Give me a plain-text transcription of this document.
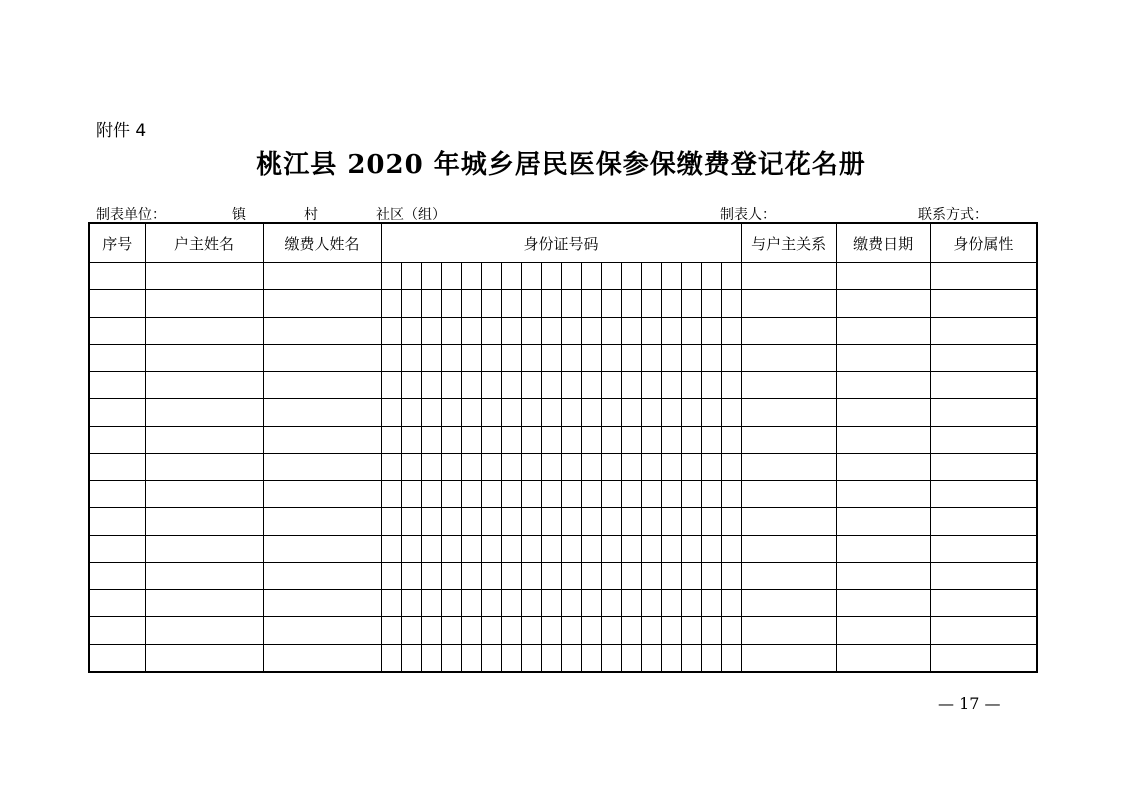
附件 4
桃江县 2020 年城乡居民医保参保缴费登记花名册
制表单位：	镇	村	社区（组）	制表人：	联系方式：
序号	户主姓名	缴费人姓名	身份证号码																		与户主关系	缴费日期	身份属性

— 17 —
